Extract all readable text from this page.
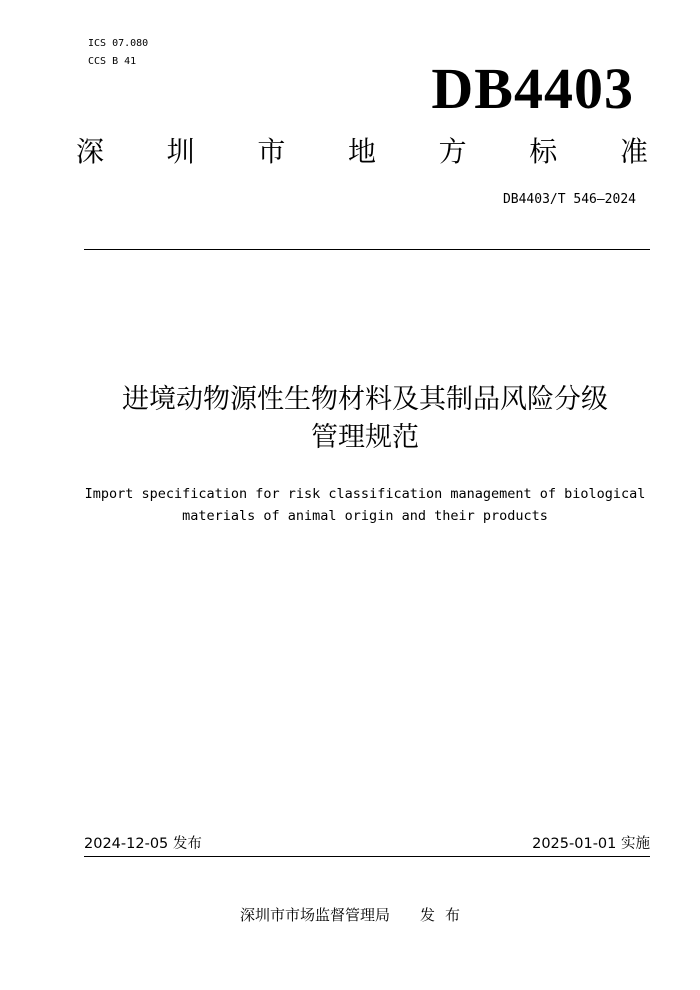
ICS 07.080
CCS B 41	DB4403
深 圳 市 地 方 标 准
DB4403/T 546—2024
进境动物源性生物材料及其制品风险分级
管理规范
Import specification for risk classification management of biological
materials of animal origin and their products
2024-12-05 发布	2025-01-01 实施
深圳市市场监督管理局 发布
